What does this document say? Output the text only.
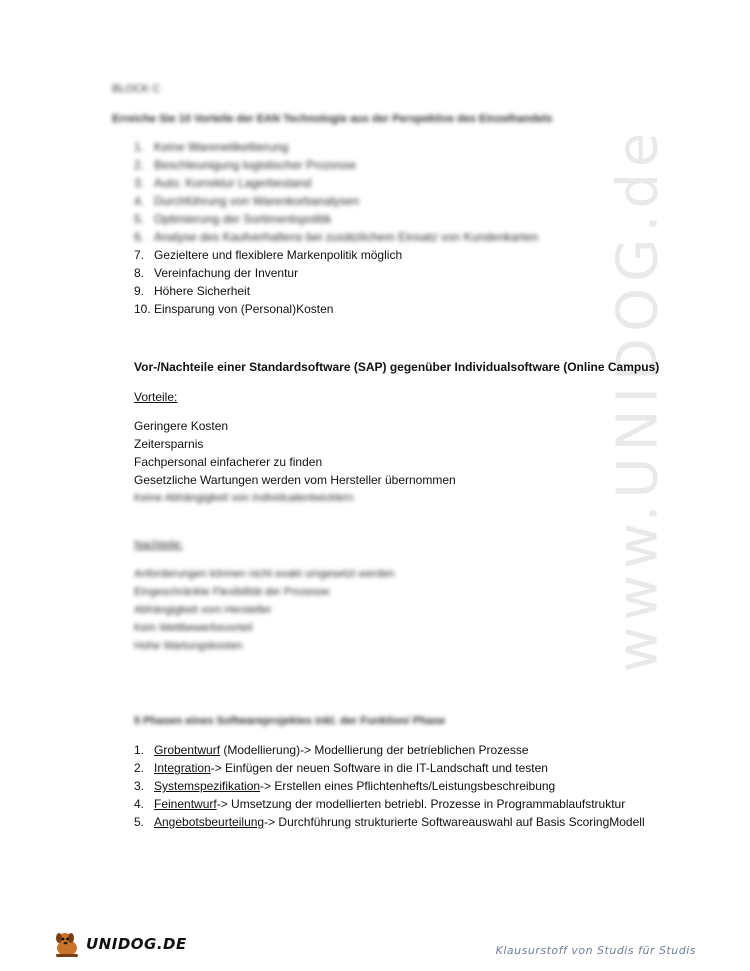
www.UNIDOG.de
BLOCK C
Erreiche Sie 10 Vorteile der EAN Technologie aus der Perspektive des Einzelhandels
1. Keine Warenetikettierung
2. Beschleunigung logistischer Prozesse
3. Auto. Korrektur Lagerbestand
4. Durchführung von Warenkorbanalysen
5. Optimierung der Sortimentspolitik
6. Analyse des Kaufverhaltens bei zusätzlichem Einsatz von Kundenkarten
7. Gezieltere und flexiblere Markenpolitik möglich
8. Vereinfachung der Inventur
9. Höhere Sicherheit
10. Einsparung von (Personal)Kosten
Vor-/Nachteile einer Standardsoftware (SAP) gegenüber Individualsoftware (Online Campus)
Vorteile:
Geringere Kosten
Zeitersparnis
Fachpersonal einfacherer zu finden
Gesetzliche Wartungen werden vom Hersteller übernommen
Keine Abhängigkeit von Individualentwicklern
Nachteile:
Anforderungen können nicht exakt umgesetzt werden
Eingeschränkte Flexibilität der Prozesse
Abhängigkeit vom Hersteller
Kein Wettbewerbsvorteil
Hohe Wartungskosten
5 Phasen eines Softwareprojektes inkl. der Funktion/ Phase
1. Grobentwurf (Modellierung)-> Modellierung der betrieblichen Prozesse
2. Integration-> Einfügen der neuen Software in die IT-Landschaft und testen
3. Systemspezifikation-> Erstellen eines Pflichtenhefts/Leistungsbeschreibung
4. Feinentwurf-> Umsetzung der modellierten betriebl. Prozesse in Programmablaufstruktur
5. Angebotsbeurteilung-> Durchführung strukturierte Softwareauswahl auf Basis ScoringModell
UNIDOG.DE	Klausurstoff von Studis für Studis
